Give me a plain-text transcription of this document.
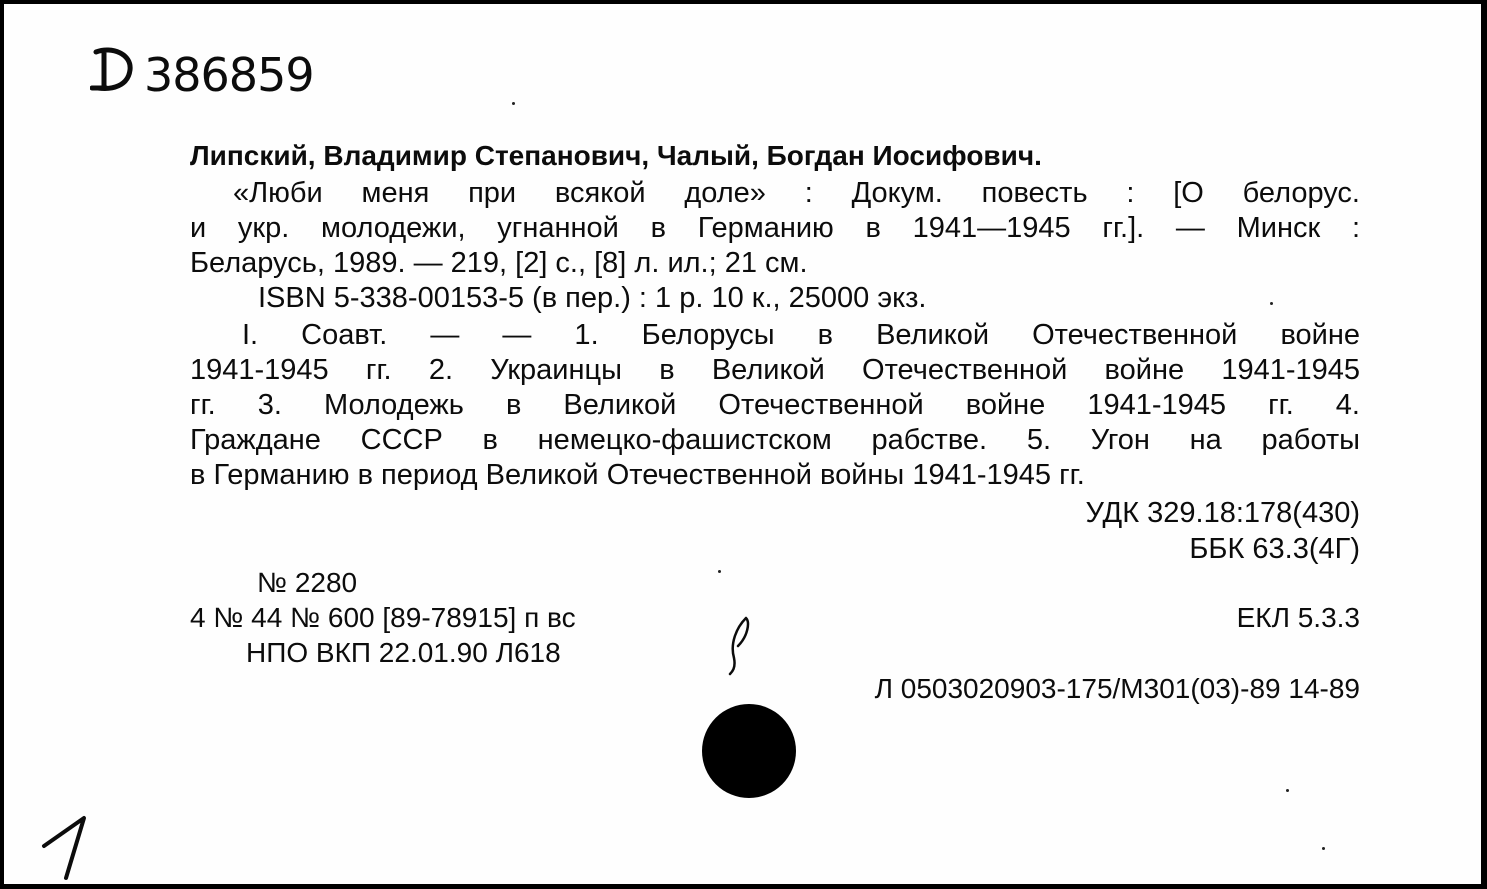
386859
Липский, Владимир Степанович, Чалый, Богдан Иосифович.
«Люби меня при всякой доле» : Докум. повесть : [О белорус.
и укр. молодежи, угнанной в Германию в 1941—1945 гг.]. — Минск :
Беларусь, 1989. — 219, [2] с., [8] л. ил.; 21 см.
ISBN 5-338-00153-5 (в пер.) : 1 р. 10 к., 25000 экз.
I. Соавт. — — 1. Белорусы в Великой Отечественной войне
1941-1945 гг. 2. Украинцы в Великой Отечественной войне 1941-1945
гг. 3. Молодежь в Великой Отечественной войне 1941-1945 гг. 4.
Граждане СССР в немецко-фашистском рабстве. 5. Угон на работы
в Германию в период Великой Отечественной войны 1941-1945 гг.
УДК 329.18:178(430)
ББК 63.3(4Г)
№ 2280
4 № 44 № 600 [89-78915] п вс	ЕКЛ 5.3.3
НПО ВКП 22.01.90 Л618
Л 0503020903-175/М301(03)-89 14-89
